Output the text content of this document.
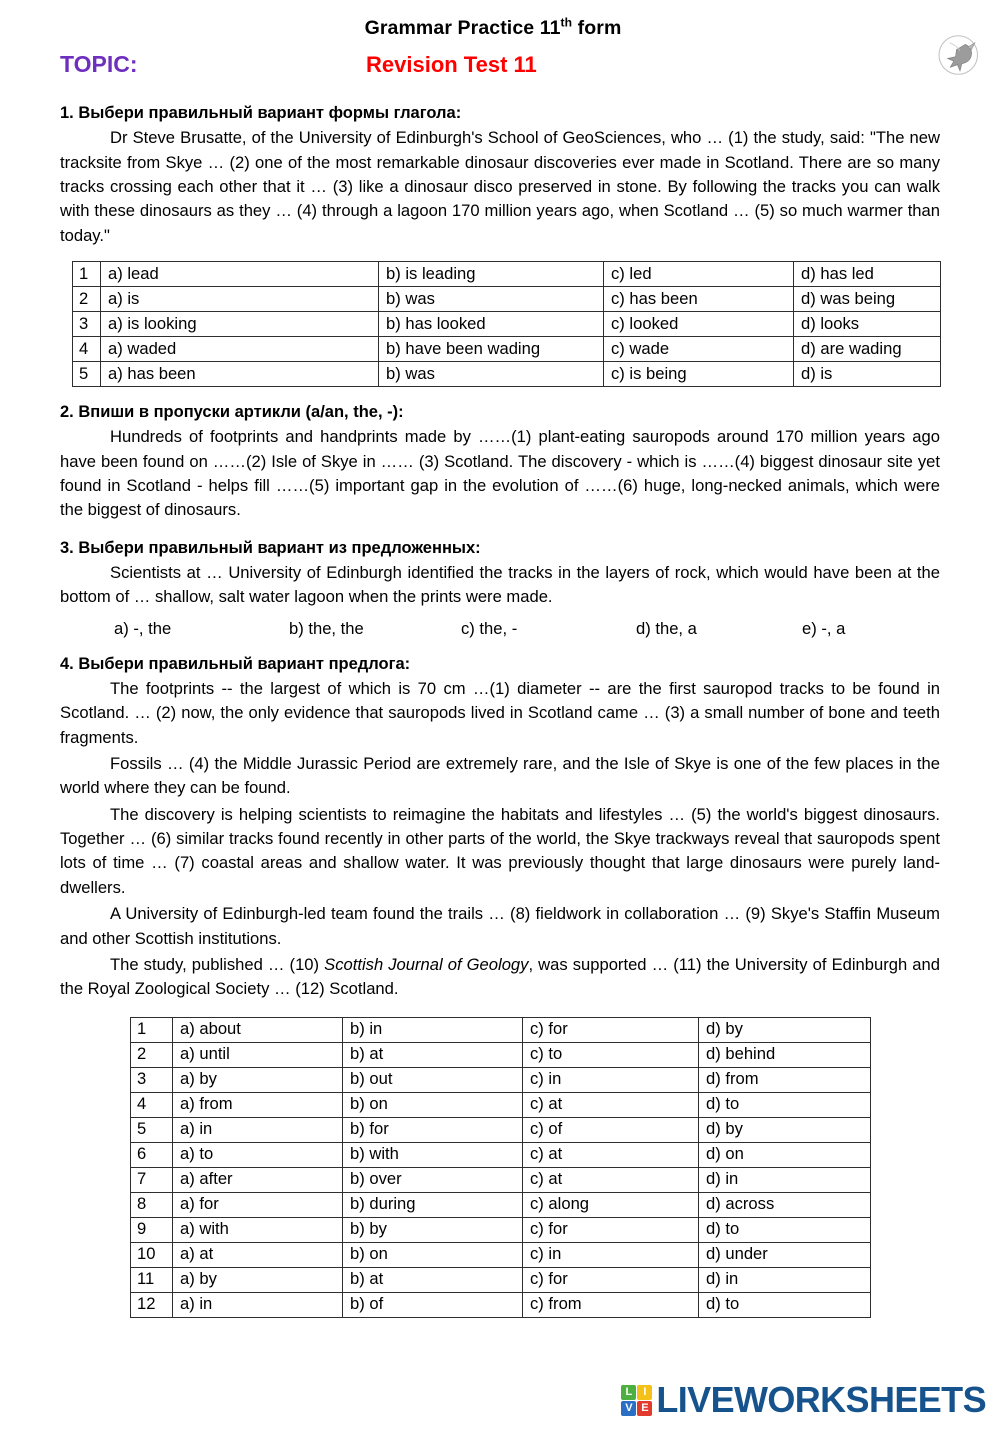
Grammar Practice 11th form
TOPIC:	Revision Test 11
1. Выбери правильный вариант формы глагола:

Dr Steve Brusatte, of the University of Edinburgh's School of GeoSciences, who … (1) the study, said: "The new tracksite from Skye … (2) one of the most remarkable dinosaur discoveries ever made in Scotland. There are so many tracks crossing each other that it … (3) like a dinosaur disco preserved in stone. By following the tracks you can walk with these dinosaurs as they … (4) through a lagoon 170 million years ago, when Scotland … (5) so much warmer than today."

1	a) lead	b) is leading	c) led	d) has led
2	a) is	b) was	c) has been	d) was being
3	a) is looking	b) has looked	c) looked	d) looks
4	a) waded	b) have been wading	c) wade	d) are wading
5	a) has been	b) was	c) is being	d) is
2. Впиши в пропуски артикли (a/an, the, -):

Hundreds of footprints and handprints made by ……(1) plant-eating sauropods around 170 million years ago have been found on ……(2) Isle of Skye in …… (3) Scotland. The discovery - which is ……(4) biggest dinosaur site yet found in Scotland - helps fill ……(5) important gap in the evolution of ……(6) huge, long-necked animals, which were the biggest of dinosaurs.

3. Выбери правильный вариант из предложенных:

Scientists at … University of Edinburgh identified the tracks in the layers of rock, which would have been at the bottom of … shallow, salt water lagoon when the prints were made.

a) -, the	b) the, the	c) the, -	d) the, a	e) -, a
4. Выбери правильный вариант предлога:

The footprints -- the largest of which is 70 cm …(1) diameter -- are the first sauropod tracks to be found in Scotland. … (2) now, the only evidence that sauropods lived in Scotland came … (3) a small number of bone and teeth fragments.

Fossils … (4) the Middle Jurassic Period are extremely rare, and the Isle of Skye is one of the few places in the world where they can be found.

The discovery is helping scientists to reimagine the habitats and lifestyles … (5) the world's biggest dinosaurs. Together … (6) similar tracks found recently in other parts of the world, the Skye trackways reveal that sauropods spent lots of time … (7) coastal areas and shallow water. It was previously thought that large dinosaurs were purely land-dwellers.

A University of Edinburgh-led team found the trails … (8) fieldwork in collaboration … (9) Skye's Staffin Museum and other Scottish institutions.

The study, published … (10) Scottish Journal of Geology, was supported … (11) the University of Edinburgh and the Royal Zoological Society … (12) Scotland.

1	a) about	b) in	c) for	d) by
2	a) until	b) at	c) to	d) behind
3	a) by	b) out	c) in	d) from
4	a) from	b) on	c) at	d) to
5	a) in	b) for	c) of	d) by
6	a) to	b) with	c) at	d) on
7	a) after	b) over	c) at	d) in
8	a) for	b) during	c) along	d) across
9	a) with	b) by	c) for	d) to
10	a) at	b) on	c) in	d) under
11	a) by	b) at	c) for	d) in
12	a) in	b) of	c) from	d) to
L	I
V E LIVEWORKSHEETS
